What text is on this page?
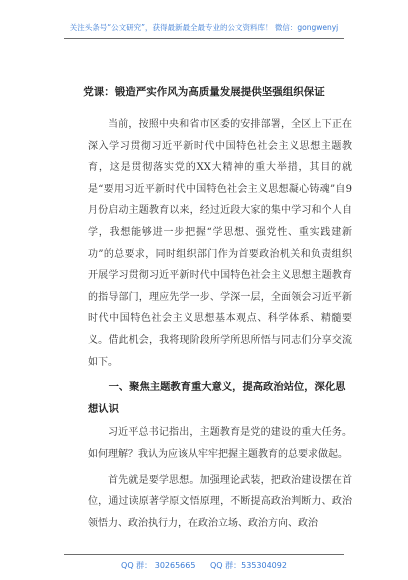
关注头条号“公文研究”，获得最新最全最专业的公文资料库！ 微信：gongwenyj
党课：锻造严实作风为高质量发展提供坚强组织保证

当前，按照中央和省市区委的安排部署，全区上下正在深入学习贯彻习近平新时代中国特色社会主义思想主题教育，这是贯彻落实党的XX大精神的重大举措，其目的就是“要用习近平新时代中国特色社会主义思想凝心铸魂”自9月份启动主题教育以来，经过近段大家的集中学习和个人自学，我想能够进一步把握“学思想、强党性、重实践建新功”的总要求，同时组织部门作为首要政治机关和负责组织开展学习贯彻习近平新时代中国特色社会主义思想主题教育的指导部门，理应先学一步、学深一层，全面领会习近平新时代中国特色社会主义思想基本观点、科学体系、精髓要义。借此机会，我将现阶段所学所思所悟与同志们分享交流如下。

一、聚焦主题教育重大意义，提高政治站位，深化思想认识

习近平总书记指出，主题教育是党的建设的重大任务。如何理解？我认为应该从牢牢把握主题教育的总要求做起。

首先就是要学思想。加强理论武装，把政治建设摆在首位，通过读原著学原文悟原理，不断提高政治判断力、政治领悟力、政治执行力，在政治立场、政治方向、政治

QQ 群： 30265665 QQ 群：535304092
